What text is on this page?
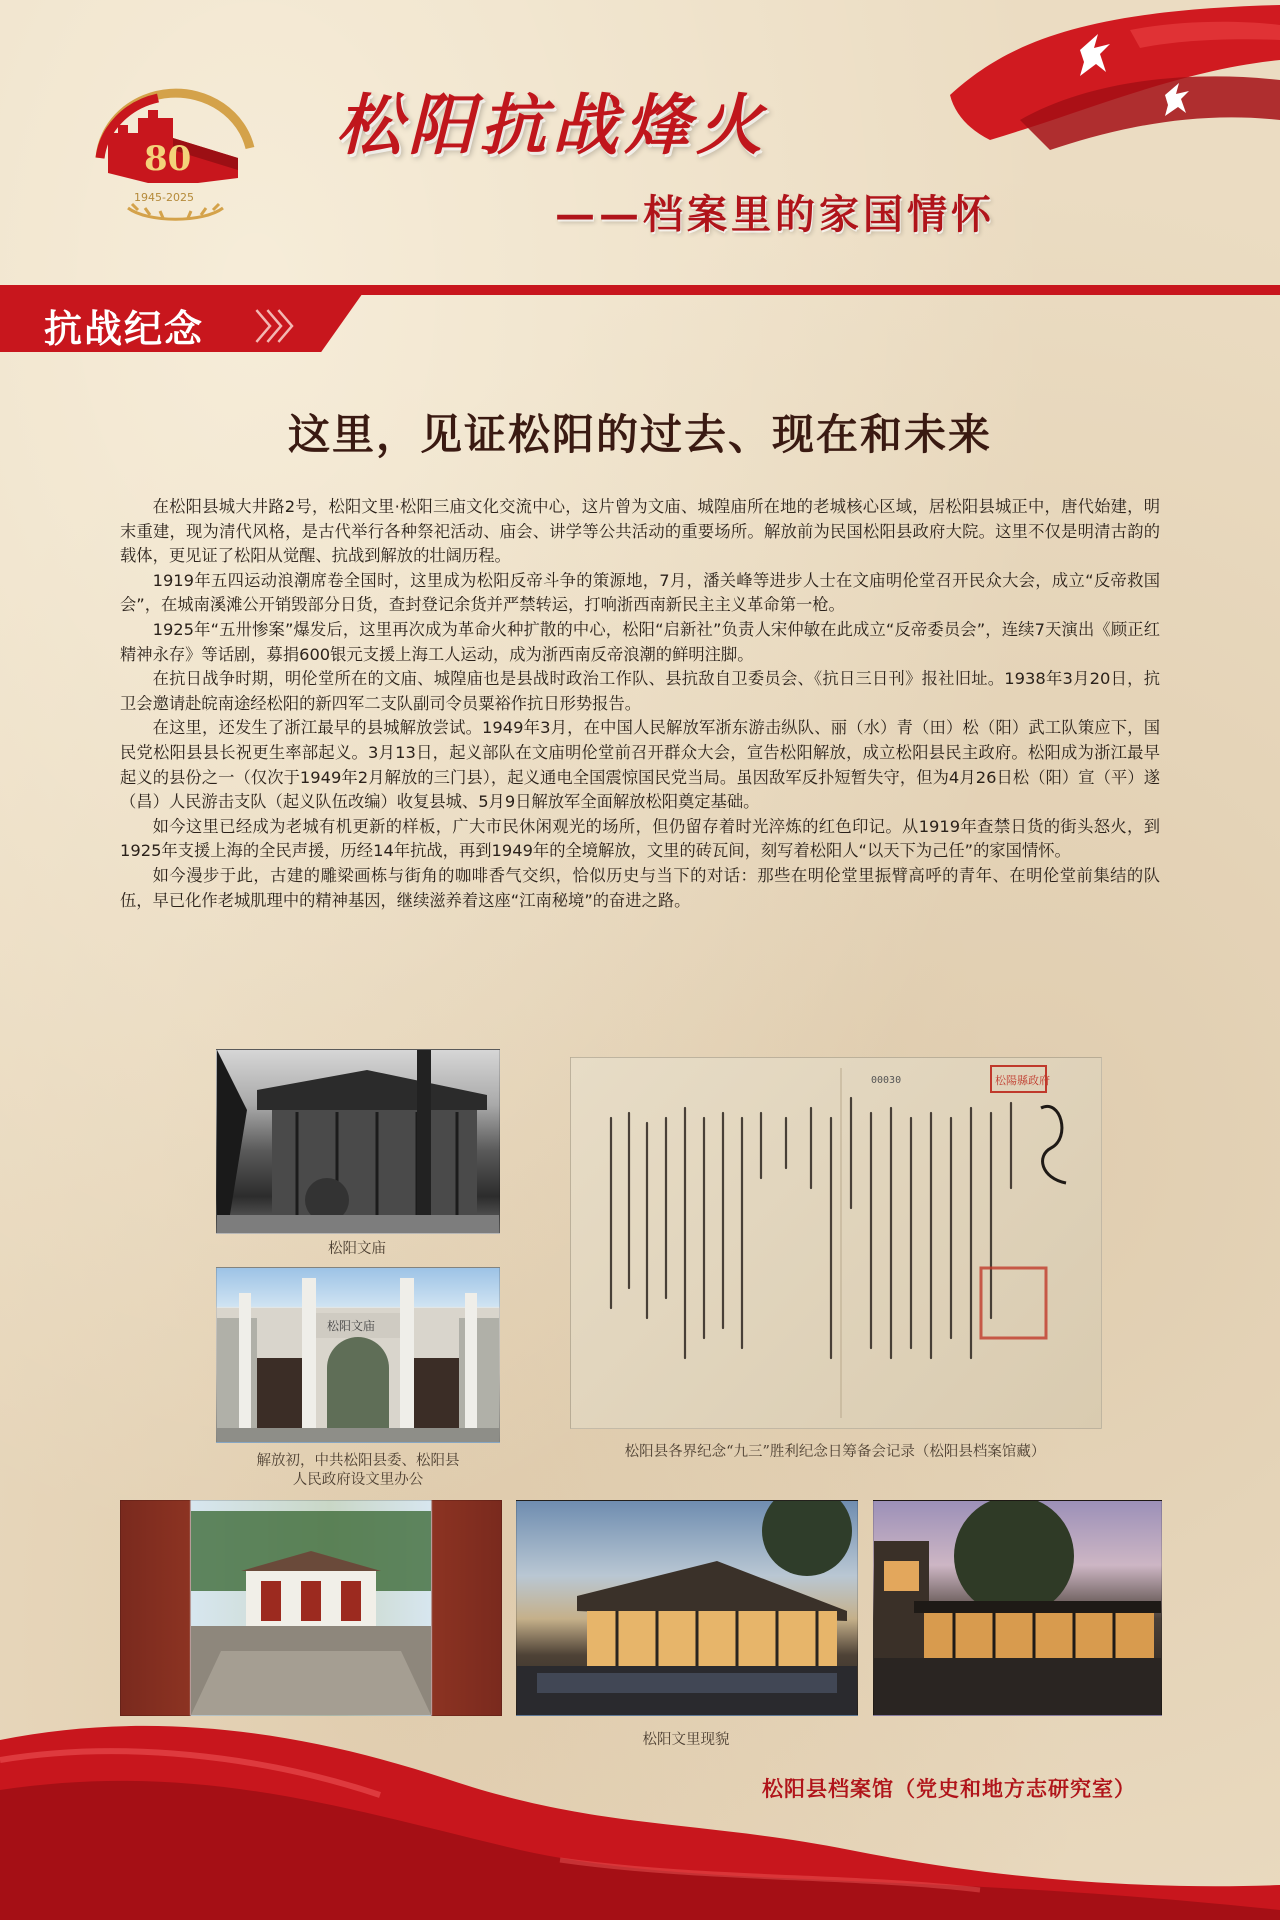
80
1945-2025
松阳抗战烽火
——档案里的家国情怀
抗战纪念 〉〉〉
这里，见证松阳的过去、现在和未来

在松阳县城大井路2号，松阳文里·松阳三庙文化交流中心，这片曾为文庙、城隍庙所在地的老城核心区域，居松阳县城正中，唐代始建，明末重建，现为清代风格，是古代举行各种祭祀活动、庙会、讲学等公共活动的重要场所。解放前为民国松阳县政府大院。这里不仅是明清古韵的载体，更见证了松阳从觉醒、抗战到解放的壮阔历程。

1919年五四运动浪潮席卷全国时，这里成为松阳反帝斗争的策源地，7月，潘关峰等进步人士在文庙明伦堂召开民众大会，成立“反帝救国会”，在城南溪滩公开销毁部分日货，查封登记余货并严禁转运，打响浙西南新民主主义革命第一枪。

1925年“五卅惨案”爆发后，这里再次成为革命火种扩散的中心，松阳“启新社”负责人宋仲敏在此成立“反帝委员会”，连续7天演出《顾正红精神永存》等话剧，募捐600银元支援上海工人运动，成为浙西南反帝浪潮的鲜明注脚。

在抗日战争时期，明伦堂所在的文庙、城隍庙也是县战时政治工作队、县抗敌自卫委员会、《抗日三日刊》报社旧址。1938年3月20日，抗卫会邀请赴皖南途经松阳的新四军二支队副司令员粟裕作抗日形势报告。

在这里，还发生了浙江最早的县城解放尝试。1949年3月，在中国人民解放军浙东游击纵队、丽（水）青（田）松（阳）武工队策应下，国民党松阳县县长祝更生率部起义。3月13日，起义部队在文庙明伦堂前召开群众大会，宣告松阳解放，成立松阳县民主政府。松阳成为浙江最早起义的县份之一（仅次于1949年2月解放的三门县），起义通电全国震惊国民党当局。虽因敌军反扑短暂失守，但为4月26日松（阳）宣（平）遂（昌）人民游击支队（起义队伍改编）收复县城、5月9日解放军全面解放松阳奠定基础。

如今这里已经成为老城有机更新的样板，广大市民休闲观光的场所，但仍留存着时光淬炼的红色印记。从1919年查禁日货的街头怒火，到1925年支援上海的全民声援，历经14年抗战，再到1949年的全境解放，文里的砖瓦间，刻写着松阳人“以天下为己任”的家国情怀。

如今漫步于此，古建的雕梁画栋与街角的咖啡香气交织，恰似历史与当下的对话：那些在明伦堂里振臂高呼的青年、在明伦堂前集结的队伍，早已化作老城肌理中的精神基因，继续滋养着这座“江南秘境”的奋进之路。

松阳文庙
松阳文庙
解放初，中共松阳县委、松阳县
人民政府设文里办公
松陽縣政府
00030
松阳县各界纪念“九三”胜利纪念日筹备会记录（松阳县档案馆藏）
松阳文里现貌
松阳县档案馆（党史和地方志研究室）
